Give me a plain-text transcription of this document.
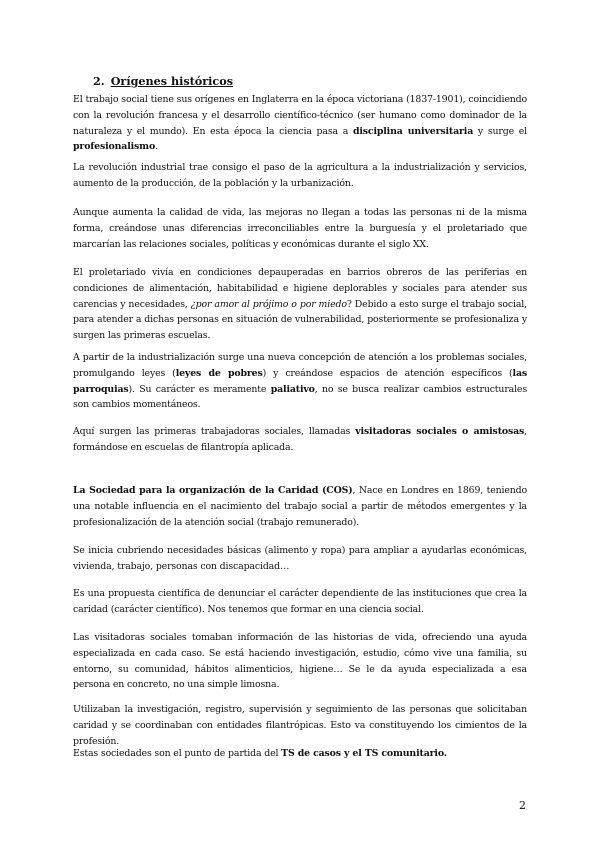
2. Orígenes históricos

El trabajo social tiene sus orígenes en Inglaterra en la época victoriana (1837-1901), coincidiendo con la revolución francesa y el desarrollo científico-técnico (ser humano como dominador de la naturaleza y el mundo). En esta época la ciencia pasa a disciplina universitaria y surge el profesionalismo.

La revolución industrial trae consigo el paso de la agricultura a la industrialización y servicios, aumento de la producción, de la población y la urbanización.

Aunque aumenta la calidad de vida, las mejoras no llegan a todas las personas ni de la misma forma, creándose unas diferencias irreconciliables entre la burguesía y el proletariado que marcarían las relaciones sociales, políticas y económicas durante el siglo XX.

El proletariado vivía en condiciones depauperadas en barrios obreros de las periferias en condiciones de alimentación, habitabilidad e higiene deplorables y sociales para atender sus carencias y necesidades, ¿por amor al prójimo o por miedo? Debido a esto surge el trabajo social, para atender a dichas personas en situación de vulnerabilidad, posteriormente se profesionaliza y surgen las primeras escuelas.

A partir de la industrialización surge una nueva concepción de atención a los problemas sociales, promulgando leyes (leyes de pobres) y creándose espacios de atención específicos (las parroquias). Su carácter es meramente paliativo, no se busca realizar cambios estructurales son cambios momentáneos.

Aquí surgen las primeras trabajadoras sociales, llamadas visitadoras sociales o amistosas, formándose en escuelas de filantropía aplicada.

La Sociedad para la organización de la Caridad (COS), Nace en Londres en 1869, teniendo una notable influencia en el nacimiento del trabajo social a partir de métodos emergentes y la profesionalización de la atención social (trabajo remunerado).

Se inicia cubriendo necesidades básicas (alimento y ropa) para ampliar a ayudarlas económicas, vivienda, trabajo, personas con discapacidad…

Es una propuesta científica de denunciar el carácter dependiente de las instituciones que crea la caridad (carácter científico). Nos tenemos que formar en una ciencia social.

Las visitadoras sociales tomaban información de las historias de vida, ofreciendo una ayuda especializada en cada caso. Se está haciendo investigación, estudio, cómo vive una familia, su entorno, su comunidad, hábitos alimenticios, higiene… Se le da ayuda especializada a esa persona en concreto, no una simple limosna.

Utilizaban la investigación, registro, supervisión y seguimiento de las personas que solicitaban caridad y se coordinaban con entidades filantrópicas. Esto va constituyendo los cimientos de la profesión.

Estas sociedades son el punto de partida del TS de casos y el TS comunitario.

2
